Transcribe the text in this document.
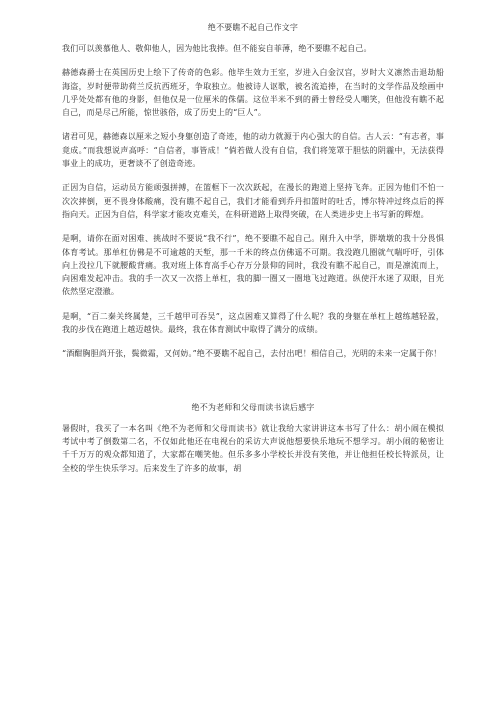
绝不要瞧不起自己作文字

我们可以羡慕他人、敬仰他人，因为他比我捧。但不能妄自菲薄，绝不要瞧不起自己。

赫德森爵士在英国历史上绘下了传奇的色彩。他毕生效力王室，岁进入白金汉宫，岁时大义凛然击退劫船海盗，岁时便带助荷兰反抗西班牙，争取独立。他被诗人讴歌，被名流追捧，在当时的文学作品及绘画中几乎处处都有他的身影，但他仅是一位厘米的侏儒。这位半米不到的爵士曾经受人嘲笑，但他没有瞧不起自己，而是尽己所能，惊世骇俗，成了历史上的“巨人”。

诸君可见，赫德森以厘米之短小身躯创造了奇迹，他的动力就源于内心强大的自信。古人云：“有志者，事竟成。”而我想说声高呼：“自信者，事皆成！”倘若做人没有自信，我们将笼罩于胆怯的阴霾中，无法获得事业上的成功，更奢谈不了创造奇迹。

正因为自信，运动员方能顽强拼搏，在篮框下一次次跃起，在漫长的跑道上坚持飞奔。正因为他们不怕一次次摔倒，更不畏身体酸痛，没有瞧不起自己，我们才能看到乔丹扣篮时的吐舌，博尔特冲过终点后的挥指向天。正因为自信，科学家才能攻克难关，在科研道路上取得突破，在人类进步史上书写新的辉煌。

是啊，请你在面对困难、挑战时不要说“我不行”，绝不要瞧不起自己。刚升入中学，胖墩墩的我十分畏惧体育考试。那单杠仿佛是不可逾越的天堑，那一千米的终点仿佛遥不可期。我没跑几圈就气喘吁吁，引体向上没拉几下就腰酸背痛。我对班上体育高手心存万分景仰的同时，我没有瞧不起自己，而是凛流而上，向困难发起冲击。我的手一次又一次搭上单杠，我的脚一圈又一圈地飞过跑道。纵使汗水迷了双眼，目光依然坚定澄澈。

是啊，“百二秦关终属楚，三千越甲可吞吴”，这点困难又算得了什么呢？我的身躯在单杠上越练越轻盈，我的步伐在跑道上越迈越快。最终，我在体育测试中取得了满分的成绩。

“酒酣胸胆尚开张，鬓微霜，又何妨。”绝不要瞧不起自己，去付出吧！相信自己，光明的未来一定属于你！

绝不为老师和父母而读书读后感字

暑假时，我买了一本名叫《绝不为老师和父母而读书》就让我给大家讲讲这本书写了什么：胡小闹在模拟考试中考了倒数第二名，不仅如此他还在电视台的采访大声说他想要快乐地玩不想学习。胡小闹的秘密让千千万万的观众都知道了，大家都在嘲笑他。但乐多多小学校长并没有笑他，并让他担任校长特派员，让全校的学生快乐学习。后来发生了许多的故事，胡
